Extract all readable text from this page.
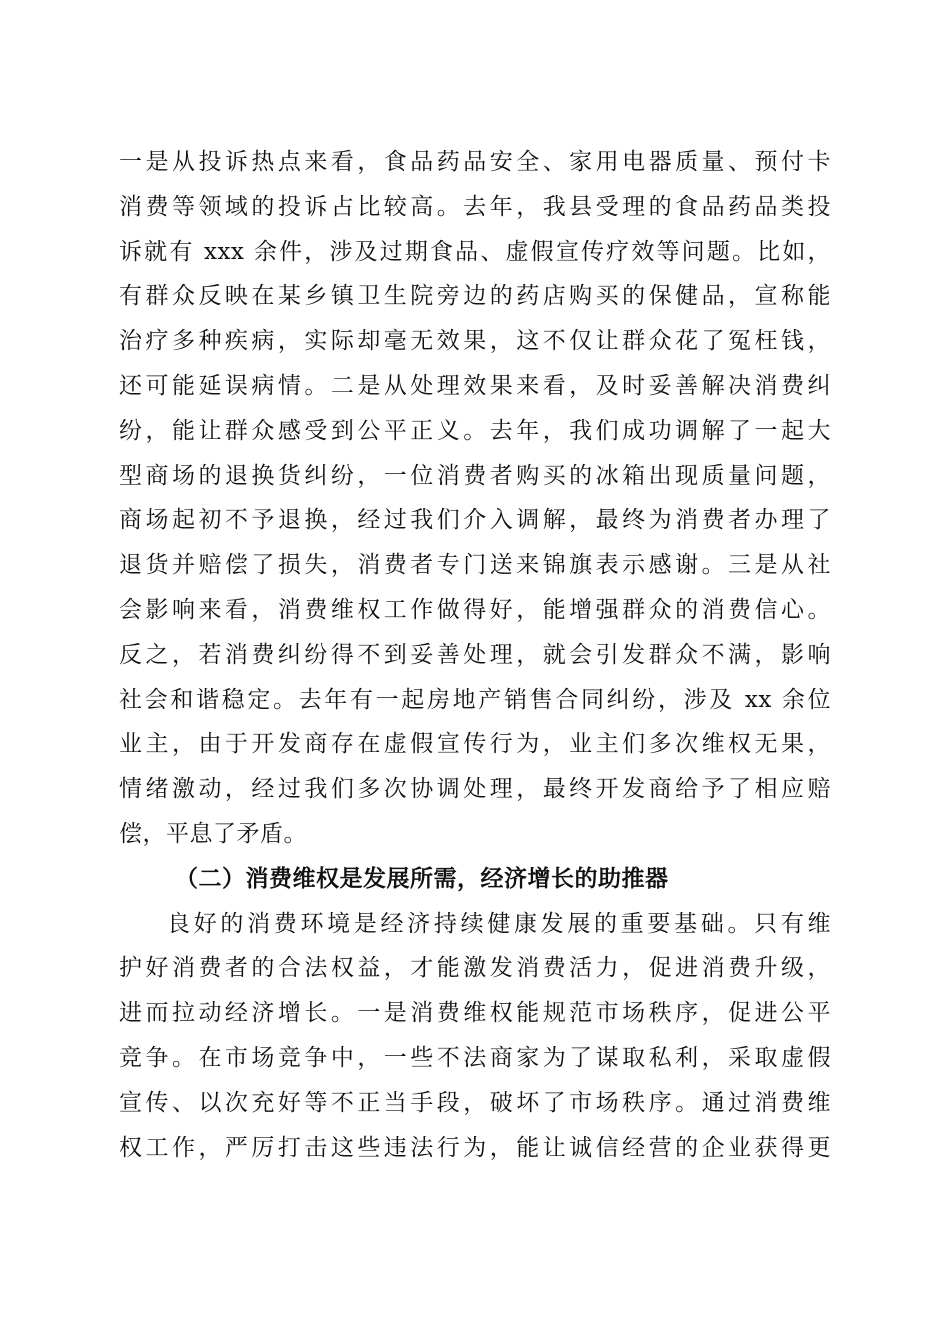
一是从投诉热点来看，食品药品安全、家用电器质量、预付卡
消费等领域的投诉占比较高。去年，我县受理的食品药品类投
诉就有 xxx 余件，涉及过期食品、虚假宣传疗效等问题。比如，
有群众反映在某乡镇卫生院旁边的药店购买的保健品，宣称能
治疗多种疾病，实际却毫无效果，这不仅让群众花了冤枉钱，
还可能延误病情。二是从处理效果来看，及时妥善解决消费纠
纷，能让群众感受到公平正义。去年，我们成功调解了一起大
型商场的退换货纠纷，一位消费者购买的冰箱出现质量问题，
商场起初不予退换，经过我们介入调解，最终为消费者办理了
退货并赔偿了损失，消费者专门送来锦旗表示感谢。三是从社
会影响来看，消费维权工作做得好，能增强群众的消费信心。
反之，若消费纠纷得不到妥善处理，就会引发群众不满，影响
社会和谐稳定。去年有一起房地产销售合同纠纷，涉及 xx 余位
业主，由于开发商存在虚假宣传行为，业主们多次维权无果，
情绪激动，经过我们多次协调处理，最终开发商给予了相应赔
偿，平息了矛盾。
（二）消费维权是发展所需，经济增长的助推器
良好的消费环境是经济持续健康发展的重要基础。只有维
护好消费者的合法权益，才能激发消费活力，促进消费升级，
进而拉动经济增长。一是消费维权能规范市场秩序，促进公平
竞争。在市场竞争中，一些不法商家为了谋取私利，采取虚假
宣传、以次充好等不正当手段，破坏了市场秩序。通过消费维
权工作，严厉打击这些违法行为，能让诚信经营的企业获得更
